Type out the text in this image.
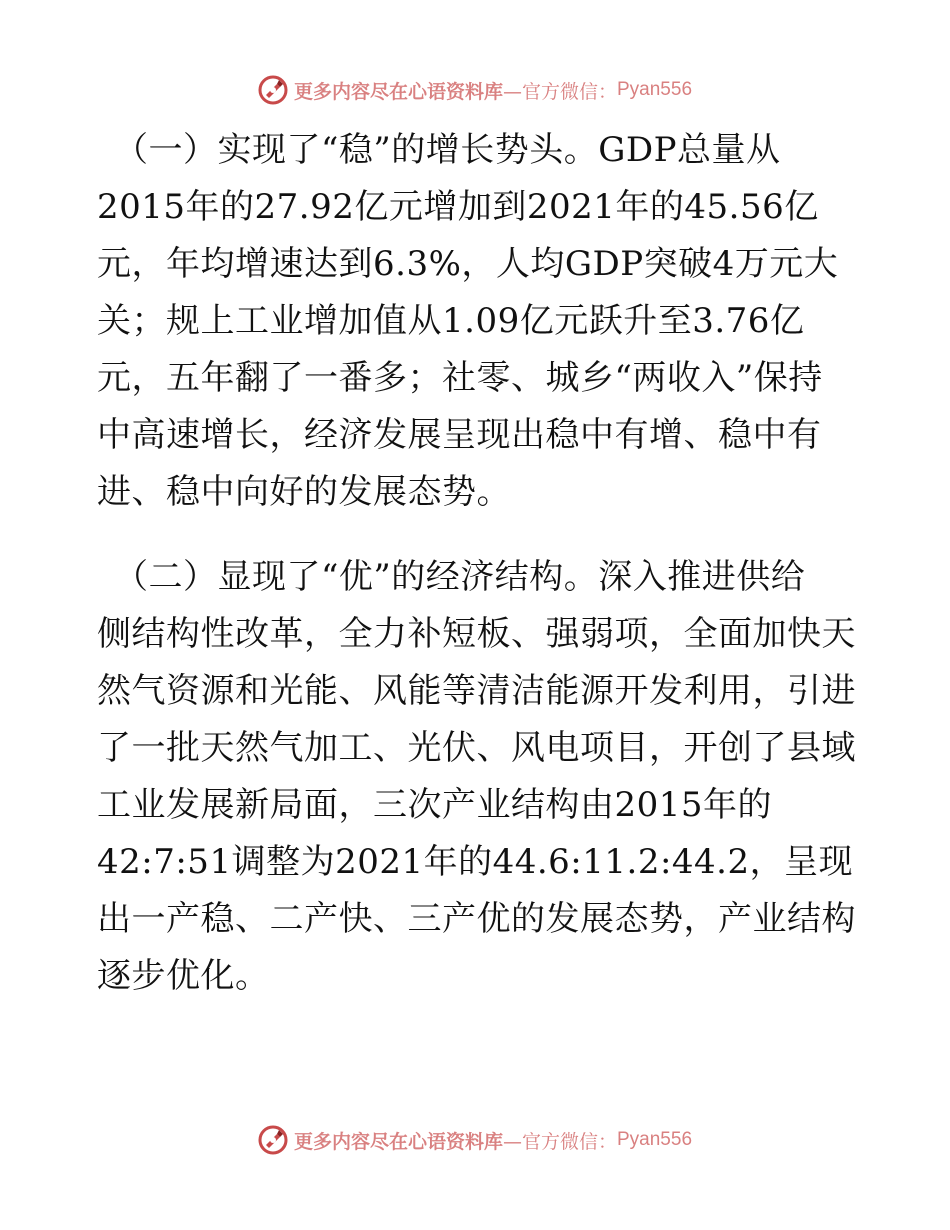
更多内容尽在心语资料库 —官方微信： Pyan556
（一）实现了“稳”的增长势头。GDP总量从
2015年的27.92亿元增加到2021年的45.56亿
元，年均增速达到6.3%，人均GDP突破4万元大
关；规上工业增加值从1.09亿元跃升至3.76亿
元，五年翻了一番多；社零、城乡“两收入”保持
中高速增长，经济发展呈现出稳中有增、稳中有
进、稳中向好的发展态势。
（二）显现了“优”的经济结构。深入推进供给
侧结构性改革，全力补短板、强弱项，全面加快天
然气资源和光能、风能等清洁能源开发利用，引进
了一批天然气加工、光伏、风电项目，开创了县域
工业发展新局面，三次产业结构由2015年的
42:7:51调整为2021年的44.6:11.2:44.2，呈现
出一产稳、二产快、三产优的发展态势，产业结构
逐步优化。
更多内容尽在心语资料库 —官方微信： Pyan556
